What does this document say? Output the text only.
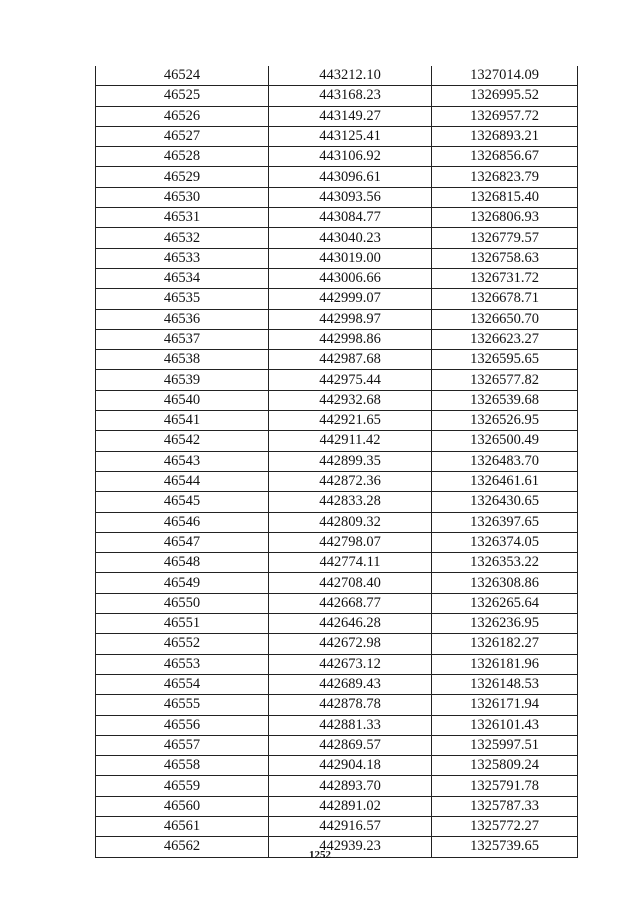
46524	443212.10	1327014.09
46525	443168.23	1326995.52
46526	443149.27	1326957.72
46527	443125.41	1326893.21
46528	443106.92	1326856.67
46529	443096.61	1326823.79
46530	443093.56	1326815.40
46531	443084.77	1326806.93
46532	443040.23	1326779.57
46533	443019.00	1326758.63
46534	443006.66	1326731.72
46535	442999.07	1326678.71
46536	442998.97	1326650.70
46537	442998.86	1326623.27
46538	442987.68	1326595.65
46539	442975.44	1326577.82
46540	442932.68	1326539.68
46541	442921.65	1326526.95
46542	442911.42	1326500.49
46543	442899.35	1326483.70
46544	442872.36	1326461.61
46545	442833.28	1326430.65
46546	442809.32	1326397.65
46547	442798.07	1326374.05
46548	442774.11	1326353.22
46549	442708.40	1326308.86
46550	442668.77	1326265.64
46551	442646.28	1326236.95
46552	442672.98	1326182.27
46553	442673.12	1326181.96
46554	442689.43	1326148.53
46555	442878.78	1326171.94
46556	442881.33	1326101.43
46557	442869.57	1325997.51
46558	442904.18	1325809.24
46559	442893.70	1325791.78
46560	442891.02	1325787.33
46561	442916.57	1325772.27
46562	442939.23	1325739.65
1252
